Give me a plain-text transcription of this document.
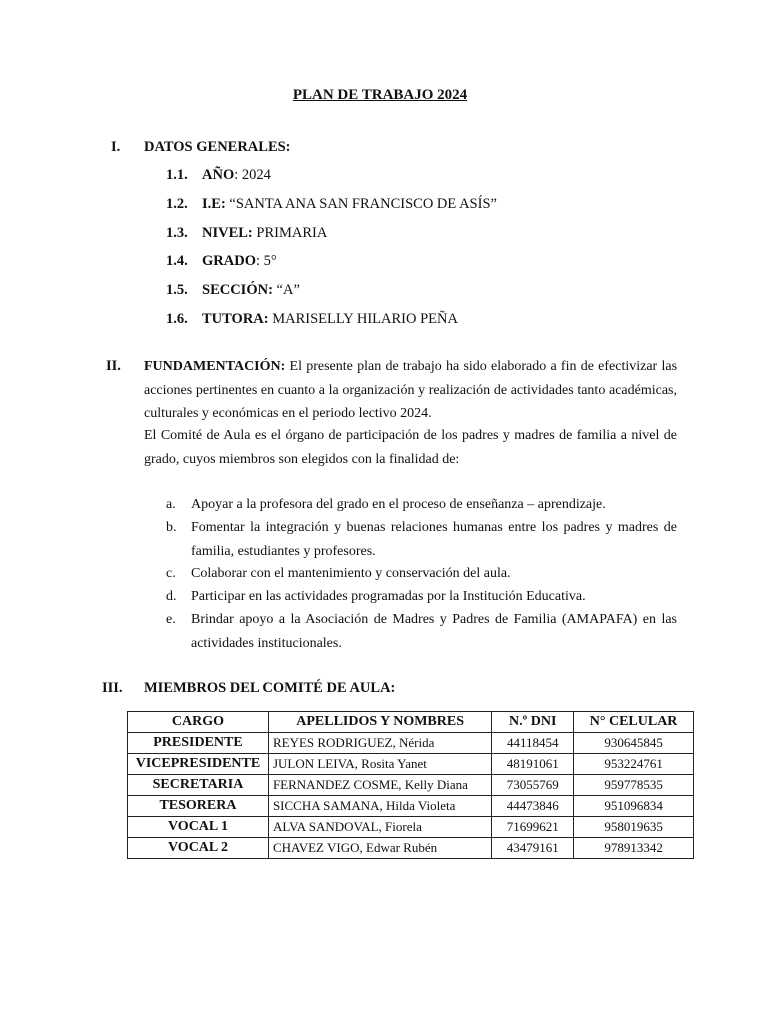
PLAN DE TRABAJO 2024
I. DATOS GENERALES:
1.1. AÑO: 2024
1.2. I.E: “SANTA ANA SAN FRANCISCO DE ASÍS”
1.3. NIVEL: PRIMARIA
1.4. GRADO: 5°
1.5. SECCIÓN: “A”
1.6. TUTORA: MARISELLY HILARIO PEÑA
II. FUNDAMENTACIÓN: El presente plan de trabajo ha sido elaborado a fin de efectivizar las acciones pertinentes en cuanto a la organización y realización de actividades tanto académicas, culturales y económicas en el periodo lectivo 2024.
El Comité de Aula es el órgano de participación de los padres y madres de familia a nivel de grado, cuyos miembros son elegidos con la finalidad de:
a.	Apoyar a la profesora del grado en el proceso de enseñanza – aprendizaje.
b.	Fomentar la integración y buenas relaciones humanas entre los padres y madres de familia, estudiantes y profesores.
c.	Colaborar con el mantenimiento y conservación del aula.
d.	Participar en las actividades programadas por la Institución Educativa.
e.	Brindar apoyo a la Asociación de Madres y Padres de Familia (AMAPAFA) en las actividades institucionales.
III. MIEMBROS DEL COMITÉ DE AULA:
CARGO	APELLIDOS Y NOMBRES	N.º DNI	N° CELULAR
PRESIDENTE	REYES RODRIGUEZ, Nérida	44118454	930645845
VICEPRESIDENTE	JULON LEIVA, Rosita Yanet	48191061	953224761
SECRETARIA	FERNANDEZ COSME, Kelly Diana	73055769	959778535
TESORERA	SICCHA SAMANA, Hilda Violeta	44473846	951096834
VOCAL 1	ALVA SANDOVAL, Fiorela	71699621	958019635
VOCAL 2	CHAVEZ VIGO, Edwar Rubén	43479161	978913342
